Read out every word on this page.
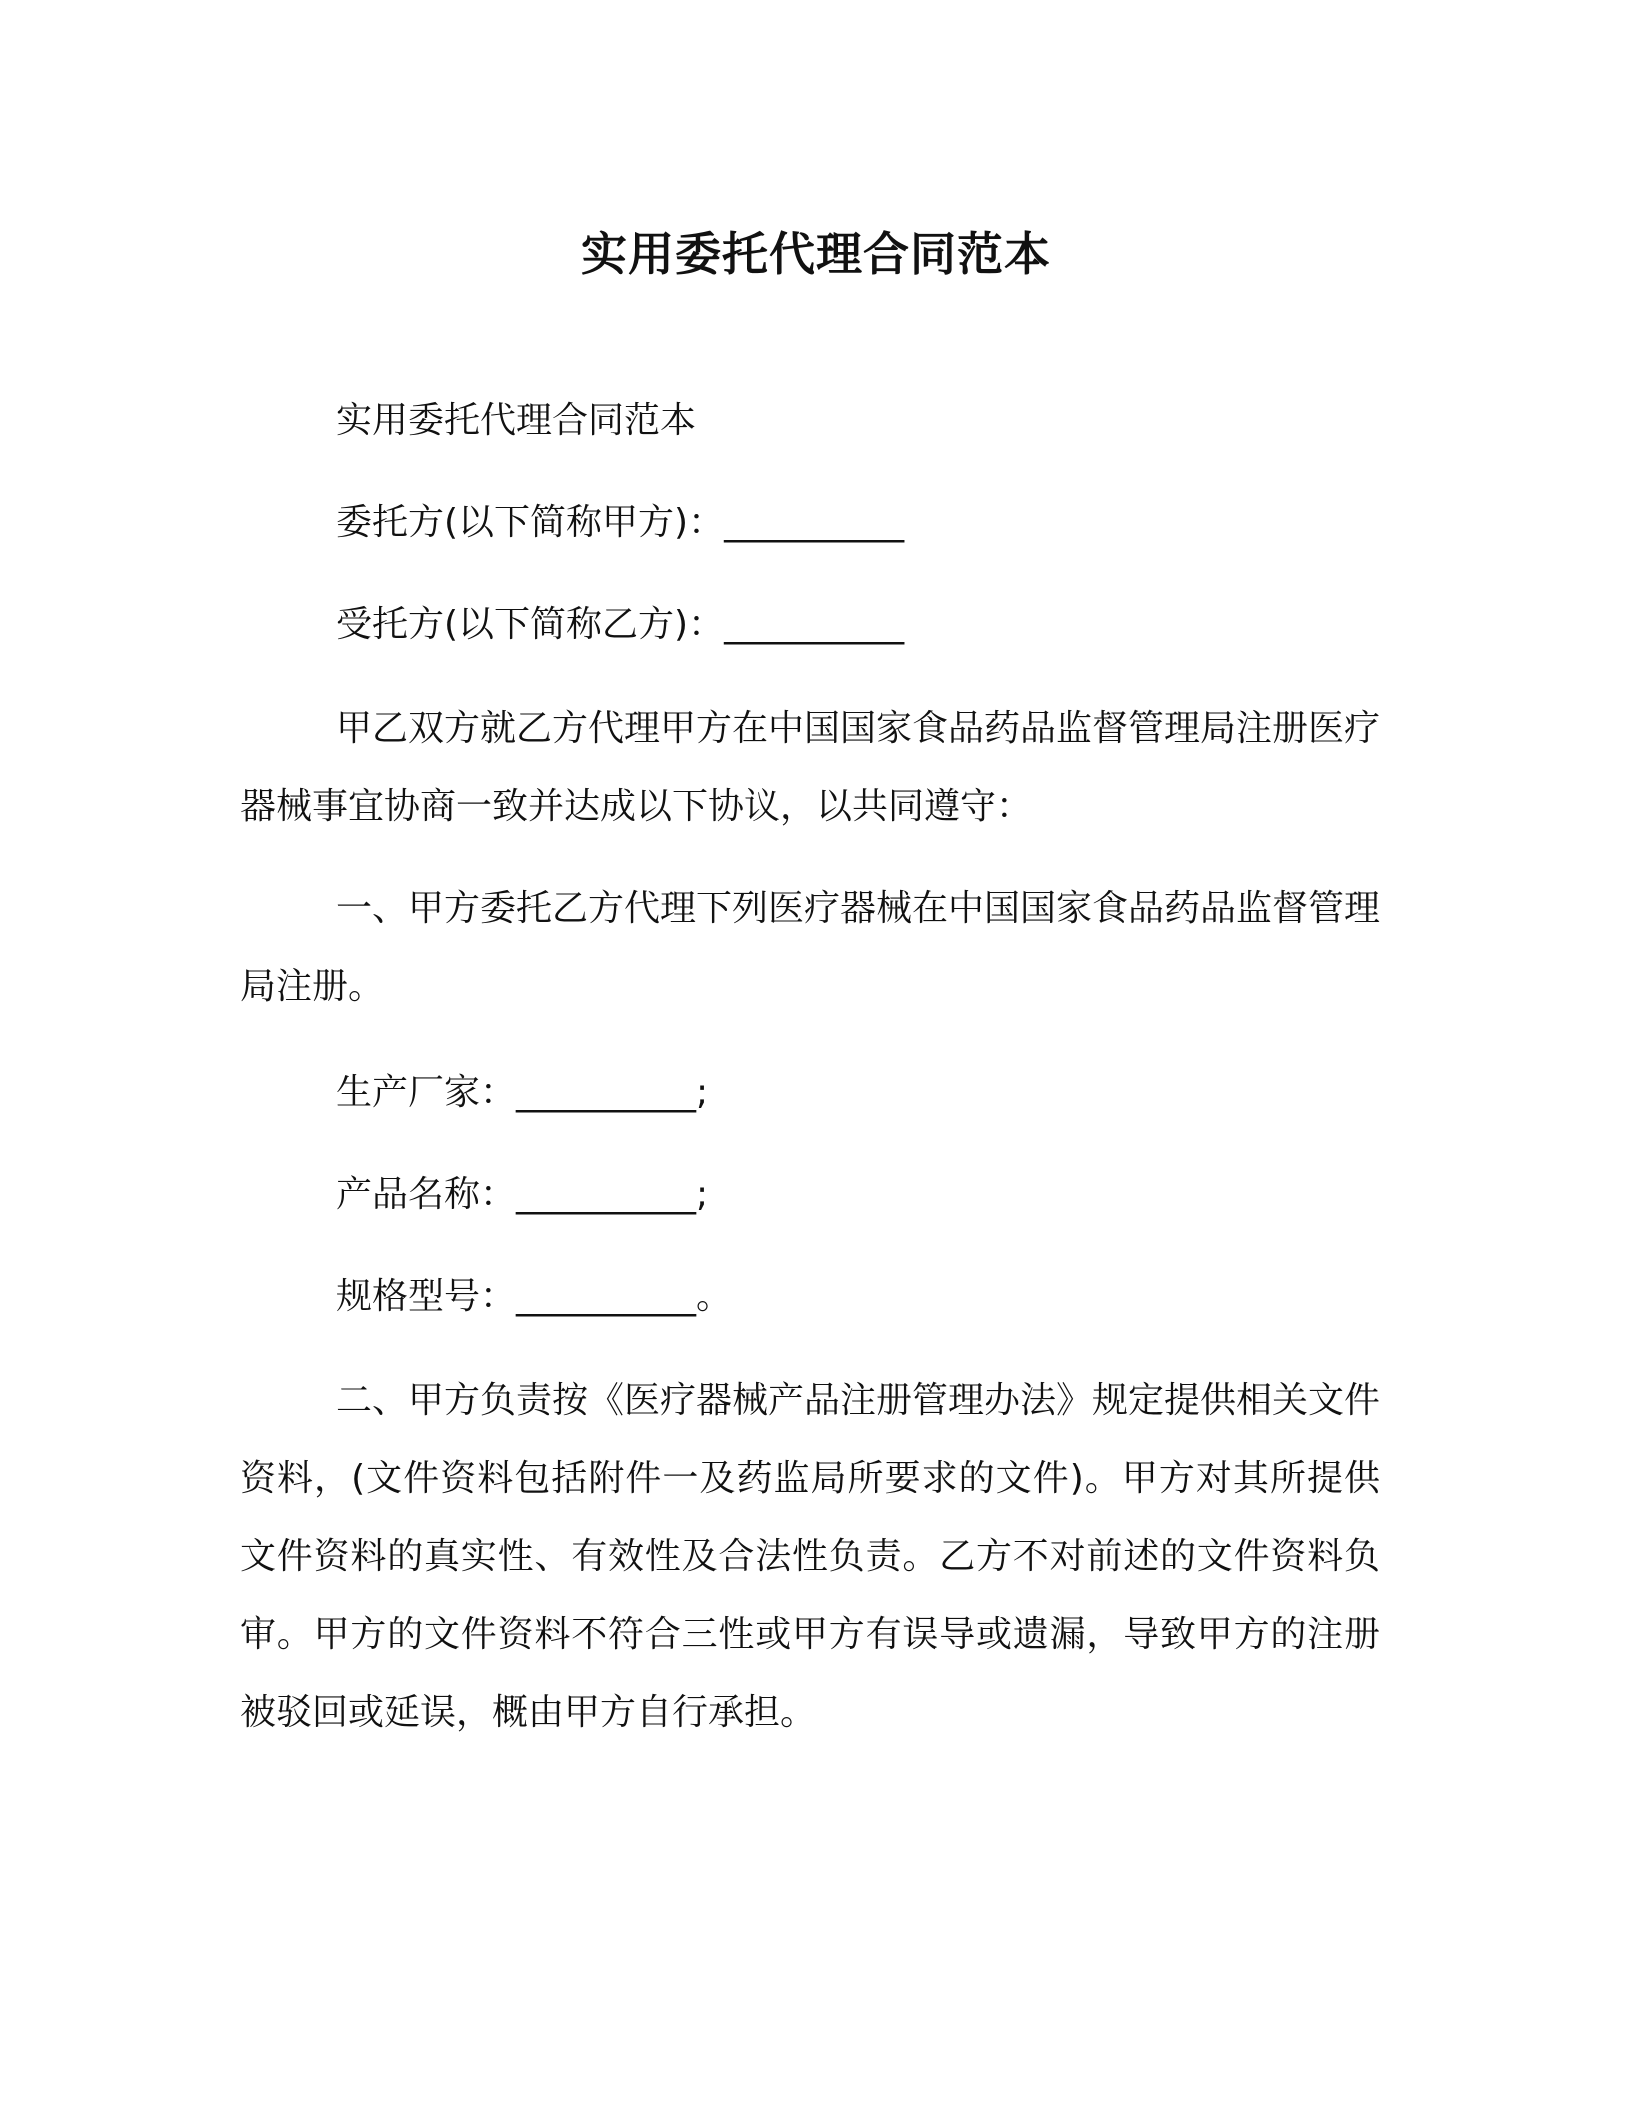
实用委托代理合同范本
实用委托代理合同范本
委托方(以下简称甲方)：__________
受托方(以下简称乙方)：__________
甲乙双方就乙方代理甲方在中国国家食品药品监督管理局注册医疗器械事宜协商一致并达成以下协议，以共同遵守：
一、甲方委托乙方代理下列医疗器械在中国国家食品药品监督管理局注册。
生产厂家：__________;
产品名称：__________;
规格型号：__________。
二、甲方负责按《医疗器械产品注册管理办法》规定提供相关文件资料，(文件资料包括附件一及药监局所要求的文件)。甲方对其所提供文件资料的真实性、有效性及合法性负责。乙方不对前述的文件资料负审。甲方的文件资料不符合三性或甲方有误导或遗漏，导致甲方的注册被驳回或延误，概由甲方自行承担。
